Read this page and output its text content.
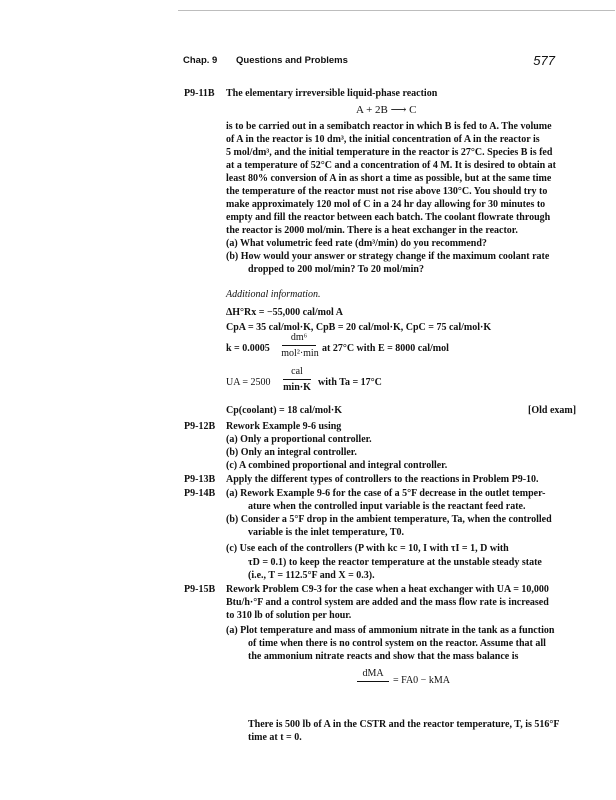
Chap. 9 Questions and Problems	577
P9-11B The elementary irreversible liquid-phase reaction
A + 2B ⟶ C
is to be carried out in a semibatch reactor in which B is fed to A. The volume
of A in the reactor is 10 dm³, the initial concentration of A in the reactor is
5 mol/dm³, and the initial temperature in the reactor is 27°C. Species B is fed
at a temperature of 52°C and a concentration of 4 M. It is desired to obtain at
least 80% conversion of A in as short a time as possible, but at the same time
the temperature of the reactor must not rise above 130°C. You should try to
make approximately 120 mol of C in a 24 hr day allowing for 30 minutes to
empty and fill the reactor between each batch. The coolant flowrate through
the reactor is 2000 mol/min. There is a heat exchanger in the reactor.
(a) What volumetric feed rate (dm³/min) do you recommend?
(b) How would your answer or strategy change if the maximum coolant rate
dropped to 200 mol/min? To 20 mol/min?
Additional information.
ΔH°Rx = −55,000 cal/mol A
CpA = 35 cal/mol·K, CpB = 20 cal/mol·K, CpC = 75 cal/mol·K
k = 0.0005
dm⁶
mol²·min at 27°C with E = 8000 cal/mol
UA = 2500
cal
min·K with Ta = 17°C
Cp(coolant) = 18 cal/mol·K	[Old exam]
P9-12B Rework Example 9-6 using
(a) Only a proportional controller.
(b) Only an integral controller.
(c) A combined proportional and integral controller.
P9-13B Apply the different types of controllers to the reactions in Problem P9-10.
P9-14B (a) Rework Example 9-6 for the case of a 5°F decrease in the outlet temper-
ature when the controlled input variable is the reactant feed rate.
(b) Consider a 5°F drop in the ambient temperature, Ta, when the controlled
variable is the inlet temperature, T0.
(c) Use each of the controllers (P with kc = 10, I with τI = 1, D with
τD = 0.1) to keep the reactor temperature at the unstable steady state
(i.e., T = 112.5°F and X = 0.3).
P9-15B Rework Problem C9-3 for the case when a heat exchanger with UA = 10,000
Btu/h·°F and a control system are added and the mass flow rate is increased
to 310 lb of solution per hour.
(a) Plot temperature and mass of ammonium nitrate in the tank as a function
of time when there is no control system on the reactor. Assume that all
the ammonium nitrate reacts and show that the mass balance is
dMA
= FA0 − kMA
There is 500 lb of A in the CSTR and the reactor temperature, T, is 516°F
time at t = 0.
